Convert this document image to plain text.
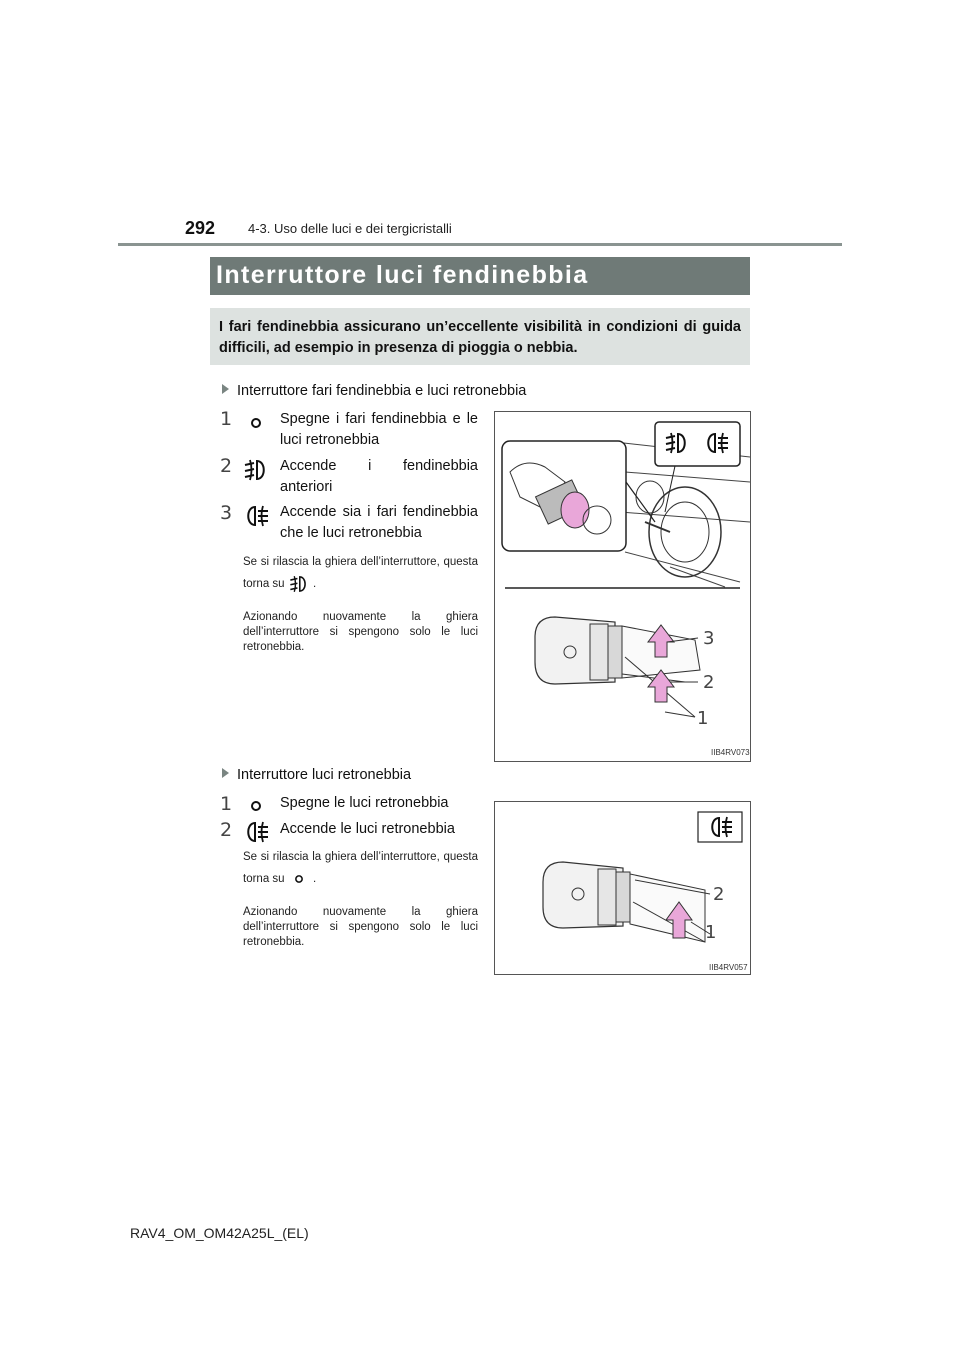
292	4-3. Uso delle luci e dei tergicristalli
Interruttore luci fendinebbia
I fari fendinebbia assicurano un’eccellente visibilità in condizioni di guida difficili, ad esempio in presenza di pioggia o nebbia.
Interruttore fari fendinebbia e luci retronebbia
1	Spegne i fari fendinebbia e le luci retronebbia
2	Accende i fendinebbia anteriori
3	Accende sia i fari fendinebbia che le luci retronebbia
Se si rilascia la ghiera dell’interruttore, questa torna su .
Azionando nuovamente la ghiera dell’interruttore si spengono solo le luci retronebbia.	3
2
1
IIB4RV073
Interruttore luci retronebbia
1	Spegne le luci retronebbia
2	Accende le luci retronebbia
Se si rilascia la ghiera dell’interruttore, questa torna su .
Azionando nuovamente la ghiera dell’interruttore si spengono solo le luci retronebbia.
2
1
IIB4RV057
RAV4_OM_OM42A25L_(EL)
